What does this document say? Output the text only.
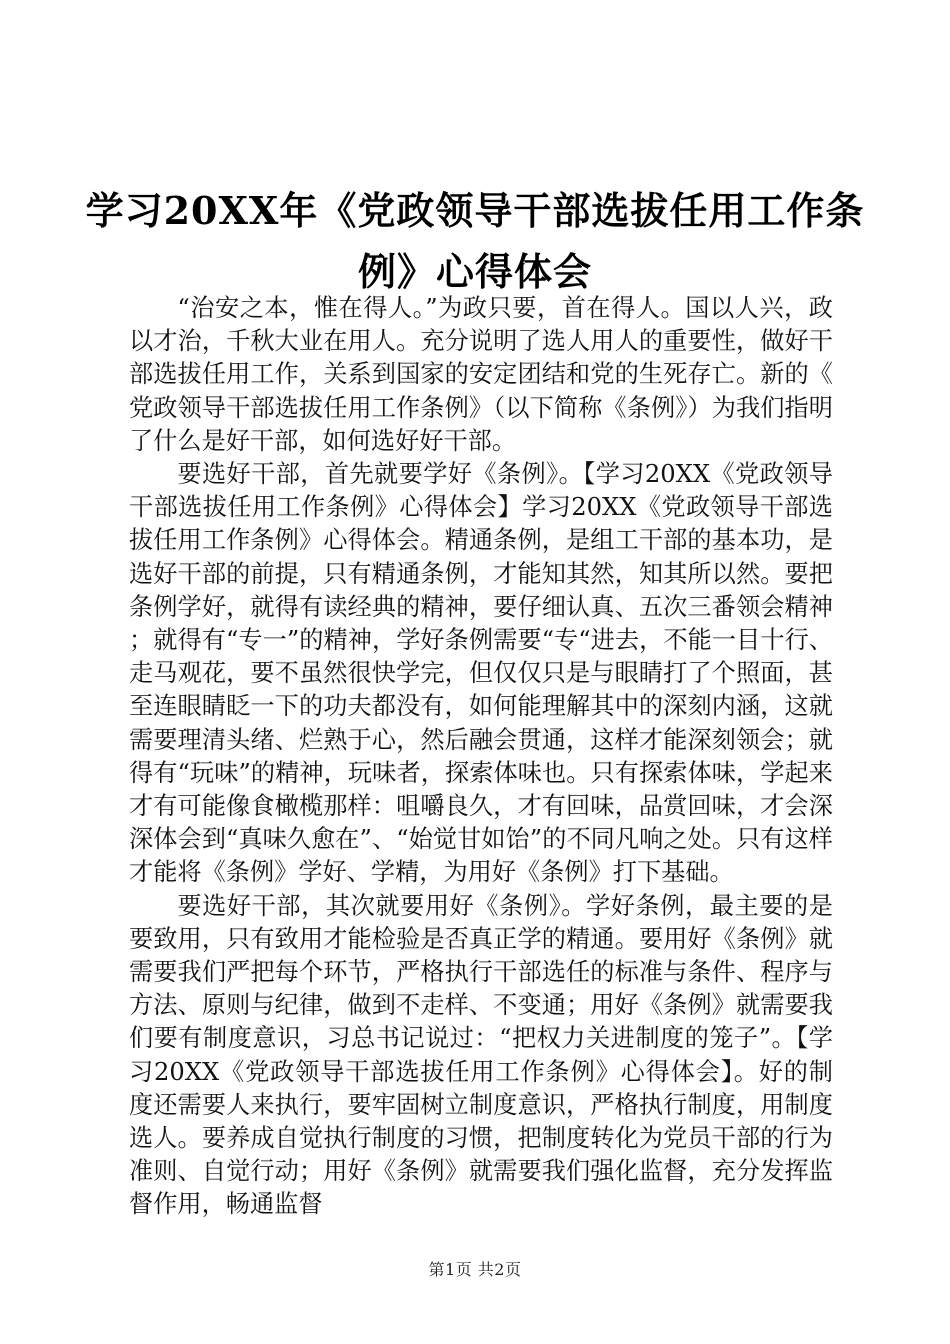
学习20XX年《党政领导干部选拔任用工作条
例》心得体会

“治安之本，惟在得人。”为政只要，首在得人。国以人兴，政以才治，千秋大业在用人。充分说明了选人用人的重要性，做好干部选拔任用工作，关系到国家的安定团结和党的生死存亡。新的《党政领导干部选拔任用工作条例》（以下简称《条例》）为我们指明了什么是好干部，如何选好好干部。

要选好干部，首先就要学好《条例》。【学习20XX《党政领导干部选拔任用工作条例》心得体会】学习20XX《党政领导干部选拔任用工作条例》心得体会。精通条例，是组工干部的基本功，是选好干部的前提，只有精通条例，才能知其然，知其所以然。要把条例学好，就得有读经典的精神，要仔细认真、五次三番领会精神；就得有“专一”的精神，学好条例需要“专“进去，不能一目十行、走马观花，要不虽然很快学完，但仅仅只是与眼睛打了个照面，甚至连眼睛眨一下的功夫都没有，如何能理解其中的深刻内涵，这就需要理清头绪、烂熟于心，然后融会贯通，这样才能深刻领会；就得有“玩味”的精神，玩味者，探索体味也。只有探索体味，学起来才有可能像食橄榄那样：咀嚼良久，才有回味，品赏回味，才会深深体会到“真味久愈在”、“始觉甘如饴”的不同凡响之处。只有这样才能将《条例》学好、学精，为用好《条例》打下基础。

要选好干部，其次就要用好《条例》。学好条例，最主要的是要致用，只有致用才能检验是否真正学的精通。要用好《条例》就需要我们严把每个环节，严格执行干部选任的标准与条件、程序与方法、原则与纪律，做到不走样、不变通；用好《条例》就需要我们要有制度意识，习总书记说过：“把权力关进制度的笼子”。【学习20XX《党政领导干部选拔任用工作条例》心得体会】。好的制度还需要人来执行，要牢固树立制度意识，严格执行制度，用制度选人。要养成自觉执行制度的习惯，把制度转化为党员干部的行为准则、自觉行动；用好《条例》就需要我们强化监督，充分发挥监督作用，畅通监督

第1页 共2页
